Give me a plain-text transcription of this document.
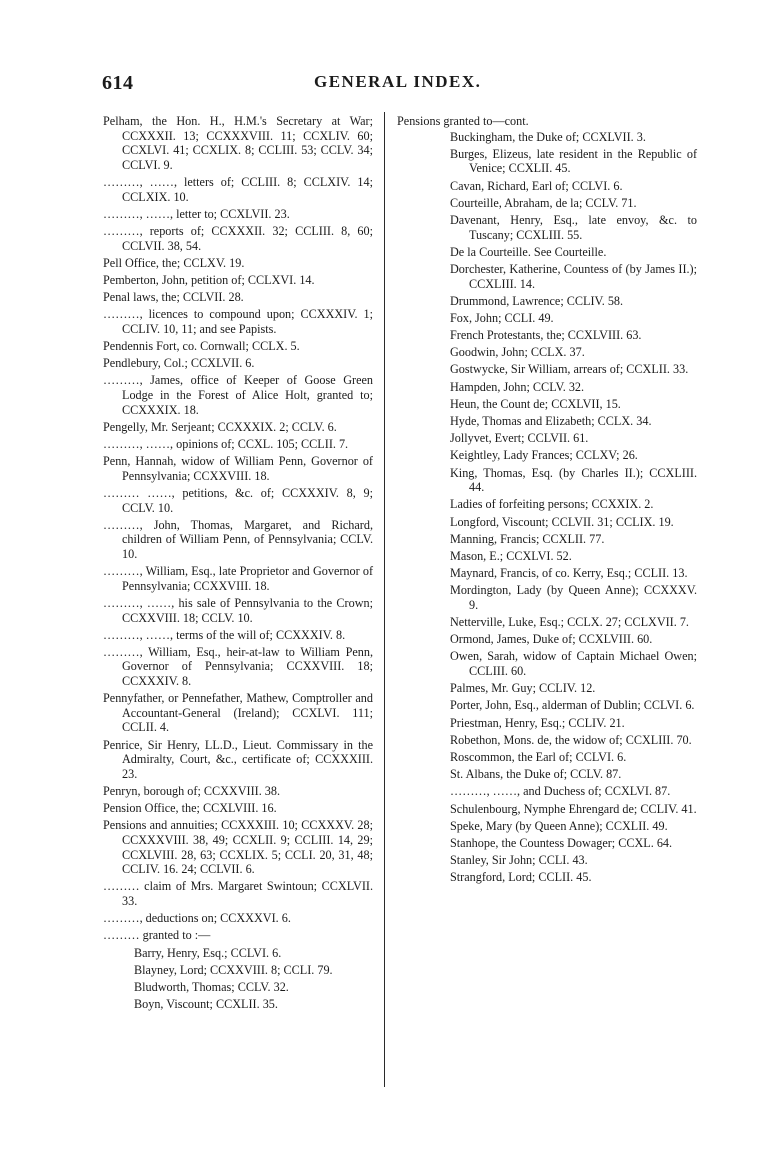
614	GENERAL INDEX.
Pelham, the Hon. H., H.M.'s Secretary at War; CCXXXII. 13; CCXXXVIII. 11; CCXLIV. 60; CCXLVI. 41; CCXLIX. 8; CCLIII. 53; CCLV. 34; CCLVI. 9.
………, ……, letters of; CCLIII. 8; CCLXIV. 14; CCLXIX. 10.
………, ……, letter to; CCXLVII. 23.
………, reports of; CCXXXII. 32; CCLIII. 8, 60; CCLVII. 38, 54.
Pell Office, the; CCLXV. 19.
Pemberton, John, petition of; CCLXVI. 14.
Penal laws, the; CCLVII. 28.
………, licences to compound upon; CCXXXIV. 1; CCLIV. 10, 11; and see Papists.
Pendennis Fort, co. Cornwall; CCLX. 5.
Pendlebury, Col.; CCXLVII. 6.
………, James, office of Keeper of Goose Green Lodge in the Forest of Alice Holt, granted to; CCXXXIX. 18.
Pengelly, Mr. Serjeant; CCXXXIX. 2; CCLV. 6.
………, ……, opinions of; CCXL. 105; CCLII. 7.
Penn, Hannah, widow of William Penn, Governor of Pennsylvania; CCXXVIII. 18.
……… ……, petitions, &c. of; CCXXXIV. 8, 9; CCLV. 10.
………, John, Thomas, Margaret, and Richard, children of William Penn, of Pennsylvania; CCLV. 10.
………, William, Esq., late Proprietor and Governor of Pennsylvania; CCXXVIII. 18.
………, ……, his sale of Pennsylvania to the Crown; CCXXVIII. 18; CCLV. 10.
………, ……, terms of the will of; CCXXXIV. 8.
………, William, Esq., heir-at-law to William Penn, Governor of Pennsylvania; CCXXVIII. 18; CCXXXIV. 8.
Pennyfather, or Pennefather, Mathew, Comptroller and Accountant-General (Ireland); CCXLVI. 111; CCLII. 4.
Penrice, Sir Henry, LL.D., Lieut. Commissary in the Admiralty, Court, &c., certificate of; CCXXXIII. 23.
Penryn, borough of; CCXXVIII. 38.
Pension Office, the; CCXLVIII. 16.
Pensions and annuities; CCXXXIII. 10; CCXXXV. 28; CCXXXVIII. 38, 49; CCXLII. 9; CCLIII. 14, 29; CCXLVIII. 28, 63; CCXLIX. 5; CCLI. 20, 31, 48; CCLIV. 16. 24; CCLVII. 6.
……… claim of Mrs. Margaret Swintoun; CCXLVII. 33.
………, deductions on; CCXXXVI. 6.
……… granted to :—
Barry, Henry, Esq.; CCLVI. 6.
Blayney, Lord; CCXXVIII. 8; CCLI. 79.
Bludworth, Thomas; CCLV. 32.
Boyn, Viscount; CCXLII. 35.
Pensions granted to—cont.
Buckingham, the Duke of; CCXLVII. 3.
Burges, Elizeus, late resident in the Republic of Venice; CCXLII. 45.
Cavan, Richard, Earl of; CCLVI. 6.
Courteille, Abraham, de la; CCLV. 71.
Davenant, Henry, Esq., late envoy, &c. to Tuscany; CCXLIII. 55.
De la Courteille. See Courteille.
Dorchester, Katherine, Countess of (by James II.); CCXLIII. 14.
Drummond, Lawrence; CCLIV. 58.
Fox, John; CCLI. 49.
French Protestants, the; CCXLVIII. 63.
Goodwin, John; CCLX. 37.
Gostwycke, Sir William, arrears of; CCXLII. 33.
Hampden, John; CCLV. 32.
Heun, the Count de; CCXLVII, 15.
Hyde, Thomas and Elizabeth; CCLX. 34.
Jollyvet, Evert; CCLVII. 61.
Keightley, Lady Frances; CCLXV; 26.
King, Thomas, Esq. (by Charles II.); CCXLIII. 44.
Ladies of forfeiting persons; CCXXIX. 2.
Longford, Viscount; CCLVII. 31; CCLIX. 19.
Manning, Francis; CCXLII. 77.
Mason, E.; CCXLVI. 52.
Maynard, Francis, of co. Kerry, Esq.; CCLII. 13.
Mordington, Lady (by Queen Anne); CCXXXV. 9.
Netterville, Luke, Esq.; CCLX. 27; CCLXVII. 7.
Ormond, James, Duke of; CCXLVIII. 60.
Owen, Sarah, widow of Captain Michael Owen; CCLIII. 60.
Palmes, Mr. Guy; CCLIV. 12.
Porter, John, Esq., alderman of Dublin; CCLVI. 6.
Priestman, Henry, Esq.; CCLIV. 21.
Robethon, Mons. de, the widow of; CCXLIII. 70.
Roscommon, the Earl of; CCLVI. 6.
St. Albans, the Duke of; CCLV. 87.
………, ……, and Duchess of; CCXLVI. 87.
Schulenbourg, Nymphe Ehrengard de; CCLIV. 41.
Speke, Mary (by Queen Anne); CCXLII. 49.
Stanhope, the Countess Dowager; CCXL. 64.
Stanley, Sir John; CCLI. 43.
Strangford, Lord; CCLII. 45.
